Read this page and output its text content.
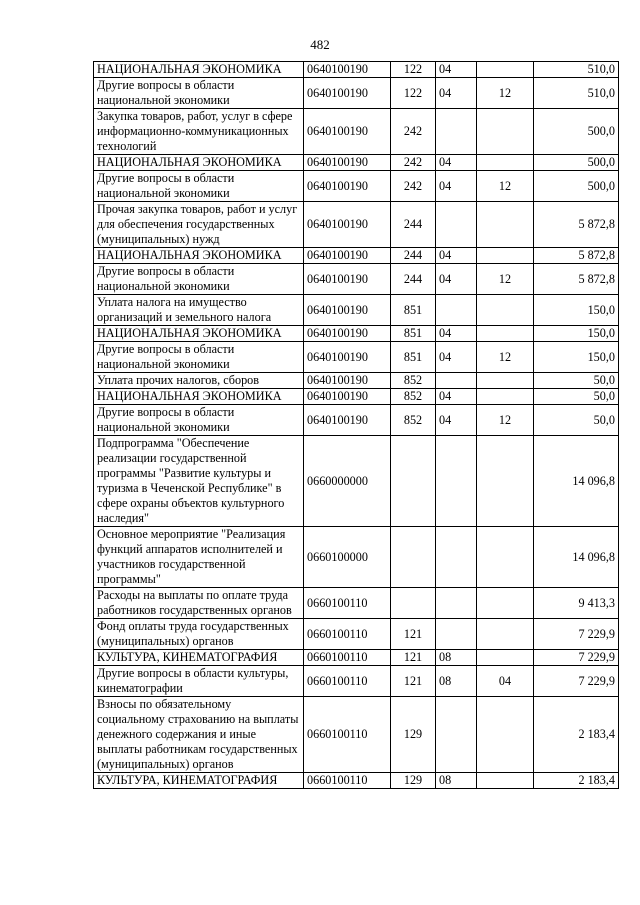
482
НАЦИОНАЛЬНАЯ ЭКОНОМИКА	0640100190	122	04		510,0
Другие вопросы в области национальной экономики	0640100190	122	04	12	510,0
Закупка товаров, работ, услуг в сфере информационно-коммуникационных технологий	0640100190	242			500,0
НАЦИОНАЛЬНАЯ ЭКОНОМИКА	0640100190	242	04		500,0
Другие вопросы в области национальной экономики	0640100190	242	04	12	500,0
Прочая закупка товаров, работ и услуг для обеспечения государственных (муниципальных) нужд	0640100190	244			5 872,8
НАЦИОНАЛЬНАЯ ЭКОНОМИКА	0640100190	244	04		5 872,8
Другие вопросы в области национальной экономики	0640100190	244	04	12	5 872,8
Уплата налога на имущество организаций и земельного налога	0640100190	851			150,0
НАЦИОНАЛЬНАЯ ЭКОНОМИКА	0640100190	851	04		150,0
Другие вопросы в области национальной экономики	0640100190	851	04	12	150,0
Уплата прочих налогов, сборов	0640100190	852			50,0
НАЦИОНАЛЬНАЯ ЭКОНОМИКА	0640100190	852	04		50,0
Другие вопросы в области национальной экономики	0640100190	852	04	12	50,0
Подпрограмма "Обеспечение реализации государственной программы "Развитие культуры и туризма в Чеченской Республике" в сфере охраны объектов культурного наследия"	0660000000				14 096,8
Основное мероприятие "Реализация функций аппаратов исполнителей и участников государственной программы"	0660100000				14 096,8
Расходы на выплаты по оплате труда работников государственных органов	0660100110				9 413,3
Фонд оплаты труда государственных (муниципальных) органов	0660100110	121			7 229,9
КУЛЬТУРА, КИНЕМАТОГРАФИЯ	0660100110	121	08		7 229,9
Другие вопросы в области культуры, кинематографии	0660100110	121	08	04	7 229,9
Взносы по обязательному социальному страхованию на выплаты денежного содержания и иные выплаты работникам государственных (муниципальных) органов	0660100110	129			2 183,4
КУЛЬТУРА, КИНЕМАТОГРАФИЯ	0660100110	129	08		2 183,4
